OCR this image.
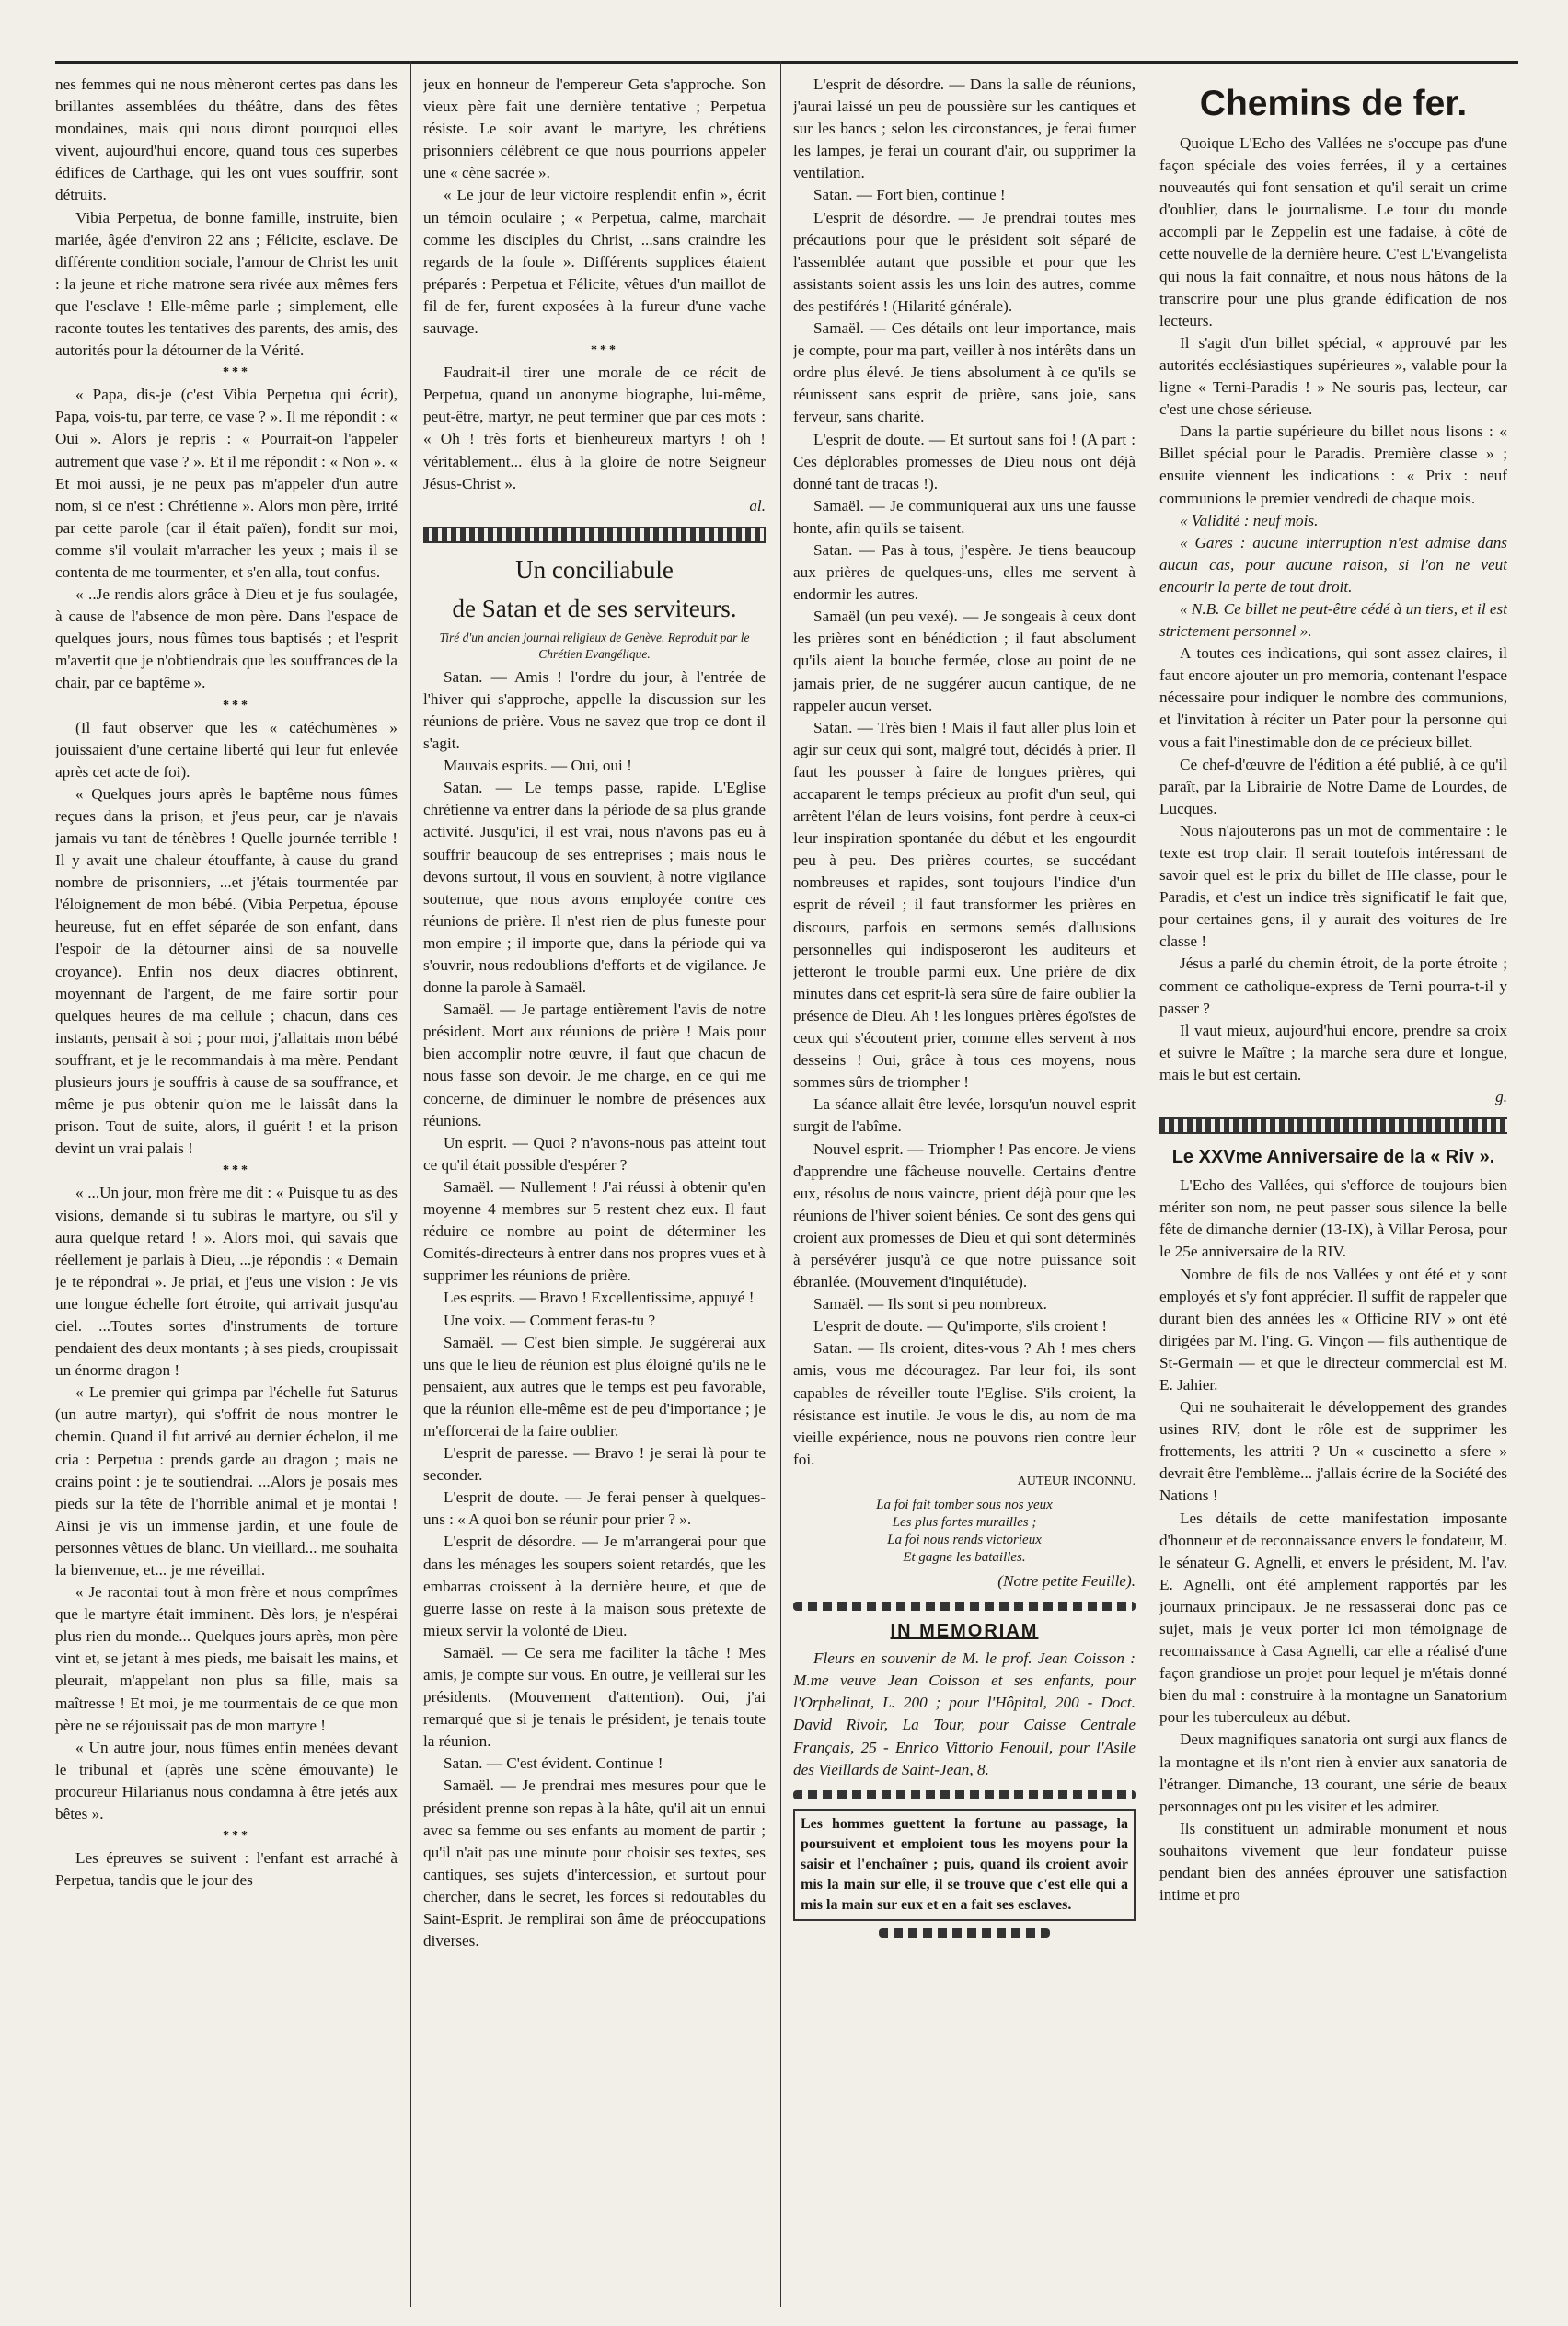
nes femmes qui ne nous mèneront certes pas dans les brillantes assemblées du théâtre, dans des fêtes mondaines, mais qui nous diront pourquoi elles vivent, aujourd'hui encore, quand tous ces superbes édifices de Carthage, qui les ont vues souffrir, sont détruits.

Vibia Perpetua, de bonne famille, instruite, bien mariée, âgée d'environ 22 ans ; Félicite, esclave. De différente condition sociale, l'amour de Christ les unit : la jeune et riche matrone sera rivée aux mêmes fers que l'esclave ! Elle-même parle ; simplement, elle raconte toutes les tentatives des parents, des amis, des autorités pour la détourner de la Vérité.

***

« Papa, dis-je (c'est Vibia Perpetua qui écrit), Papa, vois-tu, par terre, ce vase ? ». Il me répondit : « Oui ». Alors je repris : « Pourrait-on l'appeler autrement que vase ? ». Et il me répondit : « Non ». « Et moi aussi, je ne peux pas m'appeler d'un autre nom, si ce n'est : Chrétienne ». Alors mon père, irrité par cette parole (car il était païen), fondit sur moi, comme s'il voulait m'arracher les yeux ; mais il se contenta de me tourmenter, et s'en alla, tout confus.

« ..Je rendis alors grâce à Dieu et je fus soulagée, à cause de l'absence de mon père. Dans l'espace de quelques jours, nous fûmes tous baptisés ; et l'esprit m'avertit que je n'obtiendrais que les souffrances de la chair, par ce baptême ».

***

(Il faut observer que les « catéchumènes » jouissaient d'une certaine liberté qui leur fut enlevée après cet acte de foi).

« Quelques jours après le baptême nous fûmes reçues dans la prison, et j'eus peur, car je n'avais jamais vu tant de ténèbres ! Quelle journée terrible ! Il y avait une chaleur étouffante, à cause du grand nombre de prisonniers, ...et j'étais tourmentée par l'éloignement de mon bébé. (Vibia Perpetua, épouse heureuse, fut en effet séparée de son enfant, dans l'espoir de la détourner ainsi de sa nouvelle croyance). Enfin nos deux diacres obtinrent, moyennant de l'argent, de me faire sortir pour quelques heures de ma cellule ; chacun, dans ces instants, pensait à soi ; pour moi, j'allaitais mon bébé souffrant, et je le recommandais à ma mère. Pendant plusieurs jours je souffris à cause de sa souffrance, et même je pus obtenir qu'on me le laissât dans la prison. Tout de suite, alors, il guérit ! et la prison devint un vrai palais !

***

« ...Un jour, mon frère me dit : « Puisque tu as des visions, demande si tu subiras le martyre, ou s'il y aura quelque retard ! ». Alors moi, qui savais que réellement je parlais à Dieu, ...je répondis : « Demain je te répondrai ». Je priai, et j'eus une vision : Je vis une longue échelle fort étroite, qui arrivait jusqu'au ciel. ...Toutes sortes d'instruments de torture pendaient des deux montants ; à ses pieds, croupissait un énorme dragon !

« Le premier qui grimpa par l'échelle fut Saturus (un autre martyr), qui s'offrit de nous montrer le chemin. Quand il fut arrivé au dernier échelon, il me cria : Perpetua : prends garde au dragon ; mais ne crains point : je te soutiendrai. ...Alors je posais mes pieds sur la tête de l'horrible animal et je montai ! Ainsi je vis un immense jardin, et une foule de personnes vêtues de blanc. Un vieillard... me souhaita la bienvenue, et... je me réveillai.

« Je racontai tout à mon frère et nous comprîmes que le martyre était imminent. Dès lors, je n'espérai plus rien du monde... Quelques jours après, mon père vint et, se jetant à mes pieds, me baisait les mains, et pleurait, m'appelant non plus sa fille, mais sa maîtresse ! Et moi, je me tourmentais de ce que mon père ne se réjouissait pas de mon martyre !

« Un autre jour, nous fûmes enfin menées devant le tribunal et (après une scène émouvante) le procureur Hilarianus nous condamna à être jetés aux bêtes ».

***

Les épreuves se suivent : l'enfant est arraché à Perpetua, tandis que le jour des

jeux en honneur de l'empereur Geta s'approche. Son vieux père fait une dernière tentative ; Perpetua résiste. Le soir avant le martyre, les chrétiens prisonniers célèbrent ce que nous pourrions appeler une « cène sacrée ».

« Le jour de leur victoire resplendit enfin », écrit un témoin oculaire ; « Perpetua, calme, marchait comme les disciples du Christ, ...sans craindre les regards de la foule ». Différents supplices étaient préparés : Perpetua et Félicite, vêtues d'un maillot de fil de fer, furent exposées à la fureur d'une vache sauvage.

***

Faudrait-il tirer une morale de ce récit de Perpetua, quand un anonyme biographe, lui-même, peut-être, martyr, ne peut terminer que par ces mots : « Oh ! très forts et bienheureux martyrs ! oh ! véritablement... élus à la gloire de notre Seigneur Jésus-Christ ».

al.

Un conciliabule
de Satan et de ses serviteurs.
Tiré d'un ancien journal religieux de Genève. Reproduit par le Chrétien Evangélique.

Satan. — Amis ! l'ordre du jour, à l'entrée de l'hiver qui s'approche, appelle la discussion sur les réunions de prière. Vous ne savez que trop ce dont il s'agit.

Mauvais esprits. — Oui, oui !

Satan. — Le temps passe, rapide. L'Eglise chrétienne va entrer dans la période de sa plus grande activité. Jusqu'ici, il est vrai, nous n'avons pas eu à souffrir beaucoup de ses entreprises ; mais nous le devons surtout, il vous en souvient, à notre vigilance soutenue, que nous avons employée contre ces réunions de prière. Il n'est rien de plus funeste pour mon empire ; il importe que, dans la période qui va s'ouvrir, nous redoublions d'efforts et de vigilance. Je donne la parole à Samaël.

Samaël. — Je partage entièrement l'avis de notre président. Mort aux réunions de prière ! Mais pour bien accomplir notre œuvre, il faut que chacun de nous fasse son devoir. Je me charge, en ce qui me concerne, de diminuer le nombre de présences aux réunions.

Un esprit. — Quoi ? n'avons-nous pas atteint tout ce qu'il était possible d'espérer ?

Samaël. — Nullement ! J'ai réussi à obtenir qu'en moyenne 4 membres sur 5 restent chez eux. Il faut réduire ce nombre au point de déterminer les Comités-directeurs à entrer dans nos propres vues et à supprimer les réunions de prière.

Les esprits. — Bravo ! Excellentissime, appuyé !

Une voix. — Comment feras-tu ?

Samaël. — C'est bien simple. Je suggérerai aux uns que le lieu de réunion est plus éloigné qu'ils ne le pensaient, aux autres que le temps est peu favorable, que la réunion elle-même est de peu d'importance ; je m'efforcerai de la faire oublier.

L'esprit de paresse. — Bravo ! je serai là pour te seconder.

L'esprit de doute. — Je ferai penser à quelques-uns : « A quoi bon se réunir pour prier ? ».

L'esprit de désordre. — Je m'arrangerai pour que dans les ménages les soupers soient retardés, que les embarras croissent à la dernière heure, et que de guerre lasse on reste à la maison sous prétexte de mieux servir la volonté de Dieu.

Samaël. — Ce sera me faciliter la tâche ! Mes amis, je compte sur vous. En outre, je veillerai sur les présidents. (Mouvement d'attention). Oui, j'ai remarqué que si je tenais le président, je tenais toute la réunion.

Satan. — C'est évident. Continue !

Samaël. — Je prendrai mes mesures pour que le président prenne son repas à la hâte, qu'il ait un ennui avec sa femme ou ses enfants au moment de partir ; qu'il n'ait pas une minute pour choisir ses textes, ses cantiques, ses sujets d'intercession, et surtout pour chercher, dans le secret, les forces si redoutables du Saint-Esprit. Je remplirai son âme de préoccupations diverses.

L'esprit de désordre. — Dans la salle de réunions, j'aurai laissé un peu de poussière sur les cantiques et sur les bancs ; selon les circonstances, je ferai fumer les lampes, je ferai un courant d'air, ou supprimer la ventilation.

Satan. — Fort bien, continue !

L'esprit de désordre. — Je prendrai toutes mes précautions pour que le président soit séparé de l'assemblée autant que possible et pour que les assistants soient assis les uns loin des autres, comme des pestiférés ! (Hilarité générale).

Samaël. — Ces détails ont leur importance, mais je compte, pour ma part, veiller à nos intérêts dans un ordre plus élevé. Je tiens absolument à ce qu'ils se réunissent sans esprit de prière, sans joie, sans ferveur, sans charité.

L'esprit de doute. — Et surtout sans foi ! (A part : Ces déplorables promesses de Dieu nous ont déjà donné tant de tracas !).

Samaël. — Je communiquerai aux uns une fausse honte, afin qu'ils se taisent.

Satan. — Pas à tous, j'espère. Je tiens beaucoup aux prières de quelques-uns, elles me servent à endormir les autres.

Samaël (un peu vexé). — Je songeais à ceux dont les prières sont en bénédiction ; il faut absolument qu'ils aient la bouche fermée, close au point de ne jamais prier, de ne suggérer aucun cantique, de ne rappeler aucun verset.

Satan. — Très bien ! Mais il faut aller plus loin et agir sur ceux qui sont, malgré tout, décidés à prier. Il faut les pousser à faire de longues prières, qui accaparent le temps précieux au profit d'un seul, qui arrêtent l'élan de leurs voisins, font perdre à ceux-ci leur inspiration spontanée du début et les engourdit peu à peu. Des prières courtes, se succédant nombreuses et rapides, sont toujours l'indice d'un esprit de réveil ; il faut transformer les prières en discours, parfois en sermons semés d'allusions personnelles qui indisposeront les auditeurs et jetteront le trouble parmi eux. Une prière de dix minutes dans cet esprit-là sera sûre de faire oublier la présence de Dieu. Ah ! les longues prières égoïstes de ceux qui s'écoutent prier, comme elles servent à nos desseins ! Oui, grâce à tous ces moyens, nous sommes sûrs de triompher !

La séance allait être levée, lorsqu'un nouvel esprit surgit de l'abîme.

Nouvel esprit. — Triompher ! Pas encore. Je viens d'apprendre une fâcheuse nouvelle. Certains d'entre eux, résolus de nous vaincre, prient déjà pour que les réunions de l'hiver soient bénies. Ce sont des gens qui croient aux promesses de Dieu et qui sont déterminés à persévérer jusqu'à ce que notre puissance soit ébranlée. (Mouvement d'inquiétude).

Samaël. — Ils sont si peu nombreux.

L'esprit de doute. — Qu'importe, s'ils croient !

Satan. — Ils croient, dites-vous ? Ah ! mes chers amis, vous me découragez. Par leur foi, ils sont capables de réveiller toute l'Eglise. S'ils croient, la résistance est inutile. Je vous le dis, au nom de ma vieille expérience, nous ne pouvons rien contre leur foi.

AUTEUR INCONNU.

La foi fait tomber sous nos yeux
Les plus fortes murailles ;
La foi nous rends victorieux
Et gagne les batailles.

(Notre petite Feuille).

IN MEMORIAM

Fleurs en souvenir de M. le prof. Jean Coisson : M.me veuve Jean Coisson et ses enfants, pour l'Orphelinat, L. 200 ; pour l'Hôpital, 200 - Doct. David Rivoir, La Tour, pour Caisse Centrale Français, 25 - Enrico Vittorio Fenouil, pour l'Asile des Vieillards de Saint-Jean, 8.

Les hommes guettent la fortune au passage, la poursuivent et emploient tous les moyens pour la saisir et l'enchaîner ; puis, quand ils croient avoir mis la main sur elle, il se trouve que c'est elle qui a mis la main sur eux et en a fait ses esclaves.
Chemins de fer.

Quoique L'Echo des Vallées ne s'occupe pas d'une façon spéciale des voies ferrées, il y a certaines nouveautés qui font sensation et qu'il serait un crime d'oublier, dans le journalisme. Le tour du monde accompli par le Zeppelin est une fadaise, à côté de cette nouvelle de la dernière heure. C'est L'Evangelista qui nous la fait connaître, et nous nous hâtons de la transcrire pour une plus grande édification de nos lecteurs.

Il s'agit d'un billet spécial, « approuvé par les autorités ecclésiastiques supérieures », valable pour la ligne « Terni-Paradis ! » Ne souris pas, lecteur, car c'est une chose sérieuse.

Dans la partie supérieure du billet nous lisons : « Billet spécial pour le Paradis. Première classe » ; ensuite viennent les indications : « Prix : neuf communions le premier vendredi de chaque mois.

« Validité : neuf mois.

« Gares : aucune interruption n'est admise dans aucun cas, pour aucune raison, si l'on ne veut encourir la perte de tout droit.

« N.B. Ce billet ne peut-être cédé à un tiers, et il est strictement personnel ».

A toutes ces indications, qui sont assez claires, il faut encore ajouter un pro memoria, contenant l'espace nécessaire pour indiquer le nombre des communions, et l'invitation à réciter un Pater pour la personne qui vous a fait l'inestimable don de ce précieux billet.

Ce chef-d'œuvre de l'édition a été publié, à ce qu'il paraît, par la Librairie de Notre Dame de Lourdes, de Lucques.

Nous n'ajouterons pas un mot de commentaire : le texte est trop clair. Il serait toutefois intéressant de savoir quel est le prix du billet de IIIe classe, pour le Paradis, et c'est un indice très significatif le fait que, pour certaines gens, il y aurait des voitures de Ire classe !

Jésus a parlé du chemin étroit, de la porte étroite ; comment ce catholique-express de Terni pourra-t-il y passer ?

Il vaut mieux, aujourd'hui encore, prendre sa croix et suivre le Maître ; la marche sera dure et longue, mais le but est certain.

g.

Le XXVme Anniversaire de la « Riv ».

L'Echo des Vallées, qui s'efforce de toujours bien mériter son nom, ne peut passer sous silence la belle fête de dimanche dernier (13-IX), à Villar Perosa, pour le 25e anniversaire de la RIV.

Nombre de fils de nos Vallées y ont été et y sont employés et s'y font apprécier. Il suffit de rappeler que durant bien des années les « Officine RIV » ont été dirigées par M. l'ing. G. Vinçon — fils authentique de St-Germain — et que le directeur commercial est M. E. Jahier.

Qui ne souhaiterait le développement des grandes usines RIV, dont le rôle est de supprimer les frottements, les attriti ? Un « cuscinetto a sfere » devrait être l'emblème... j'allais écrire de la Société des Nations !

Les détails de cette manifestation imposante d'honneur et de reconnaissance envers le fondateur, M. le sénateur G. Agnelli, et envers le président, M. l'av. E. Agnelli, ont été amplement rapportés par les journaux principaux. Je ne ressasserai donc pas ce sujet, mais je veux porter ici mon témoignage de reconnaissance à Casa Agnelli, car elle a réalisé d'une façon grandiose un projet pour lequel je m'étais donné bien du mal : construire à la montagne un Sanatorium pour les tuberculeux au début.

Deux magnifiques sanatoria ont surgi aux flancs de la montagne et ils n'ont rien à envier aux sanatoria de l'étranger. Dimanche, 13 courant, une série de beaux personnages ont pu les visiter et les admirer.

Ils constituent un admirable monument et nous souhaitons vivement que leur fondateur puisse pendant bien des années éprouver une satisfaction intime et pro
